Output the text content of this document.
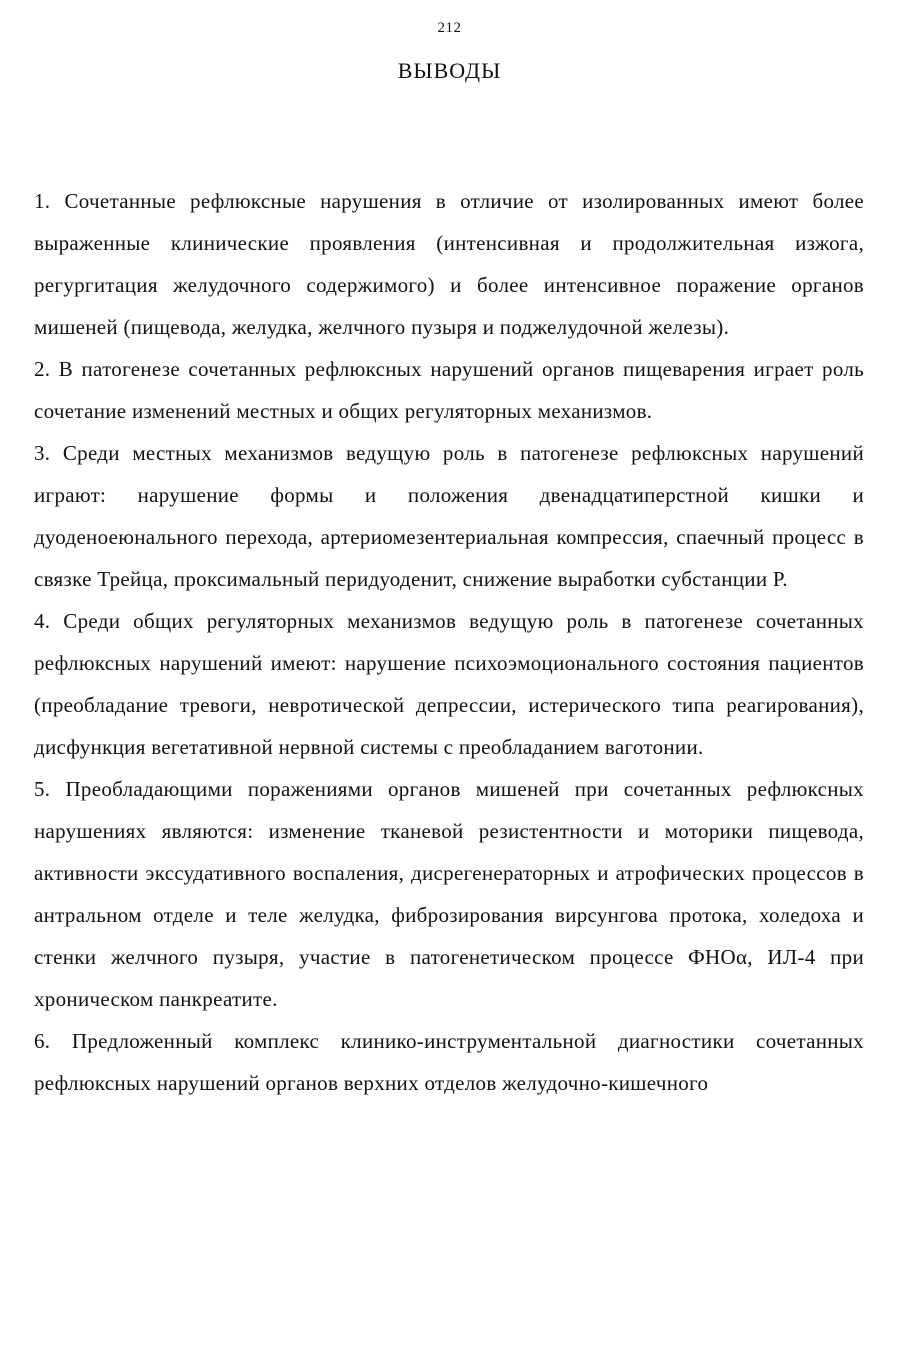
212
ВЫВОДЫ

1. Сочетанные рефлюксные нарушения в отличие от изолированных имеют более выраженные клинические проявления (интенсивная и продолжительная изжога, регургитация желудочного содержимого) и более интенсивное поражение органов мишеней (пищевода, желудка, желчного пузыря и поджелудочной железы).

2. В патогенезе сочетанных рефлюксных нарушений органов пищеварения играет роль сочетание изменений местных и общих регуляторных механизмов.

3. Среди местных механизмов ведущую роль в патогенезе рефлюксных нарушений играют: нарушение формы и положения двенадцатиперстной кишки и дуоденоеюнального перехода, артериомезентериальная компрессия, спаечный процесс в связке Трейца, проксимальный перидуоденит, снижение выработки субстанции Р.

4. Среди общих регуляторных механизмов ведущую роль в патогенезе сочетанных рефлюксных нарушений имеют: нарушение психоэмоционального состояния пациентов (преобладание тревоги, невротической депрессии, истерического типа реагирования), дисфункция вегетативной нервной системы с преобладанием ваготонии.

5. Преобладающими поражениями органов мишеней при сочетанных рефлюксных нарушениях являются: изменение тканевой резистентности и моторики пищевода, активности экссудативного воспаления, дисрегенераторных и атрофических процессов в антральном отделе и теле желудка, фиброзирования вирсунгова протока, холедоха и стенки желчного пузыря, участие в патогенетическом процессе ФНОα, ИЛ-4 при хроническом панкреатите.

6. Предложенный комплекс клинико-инструментальной диагностики сочетанных рефлюксных нарушений органов верхних отделов желудочно-кишечного
